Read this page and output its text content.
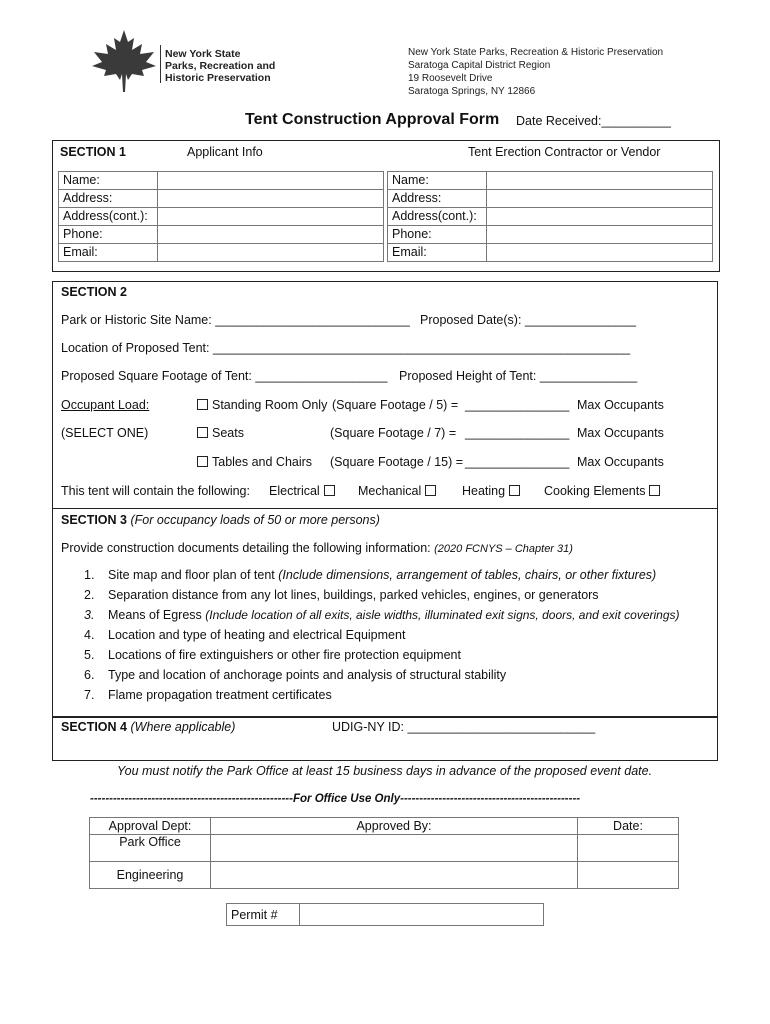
New York State
Parks, Recreation and
Historic Preservation
New York State Parks, Recreation & Historic Preservation
Saratoga Capital District Region
19 Roosevelt Drive
Saratoga Springs, NY 12866
Tent Construction Approval Form Date Received:__________
SECTION 1	Applicant Info	Tent Erection Contractor or Vendor
Name:	
Address:	
Address(cont.):	
Phone:	
Email:	
Name:	
Address:	
Address(cont.):	
Phone:	
Email:	
SECTION 2
Park or Historic Site Name: ____________________________ Proposed Date(s): ________________
Location of Proposed Tent: ____________________________________________________________
Proposed Square Footage of Tent: ___________________ Proposed Height of Tent: ______________
Occupant Load:
(SELECT ONE)
Standing Room Only (Square Footage / 5) = _______________ Max Occupants
Seats	(Square Footage / 7) = _______________ Max Occupants
Tables and Chairs (Square Footage / 15) = _______________ Max Occupants
This tent will contain the following: Electrical	Mechanical	Heating	Cooking Elements
SECTION 3 (For occupancy loads of 50 or more persons)
Provide construction documents detailing the following information: (2020 FCNYS – Chapter 31)
1. Site map and floor plan of tent (Include dimensions, arrangement of tables, chairs, or other fixtures)
2. Separation distance from any lot lines, buildings, parked vehicles, engines, or generators
3. Means of Egress (Include location of all exits, aisle widths, illuminated exit signs, doors, and exit coverings)
4. Location and type of heating and electrical Equipment
5. Locations of fire extinguishers or other fire protection equipment
6. Type and location of anchorage points and analysis of structural stability
7. Flame propagation treatment certificates
SECTION 4 (Where applicable)	UDIG-NY ID: ___________________________
You must notify the Park Office at least 15 business days in advance of the proposed event date.
-----------------------------------------------------For Office Use Only-----------------------------------------------
Approval Dept:	Approved By:	Date:
Park Office		
Engineering		
Permit #	
